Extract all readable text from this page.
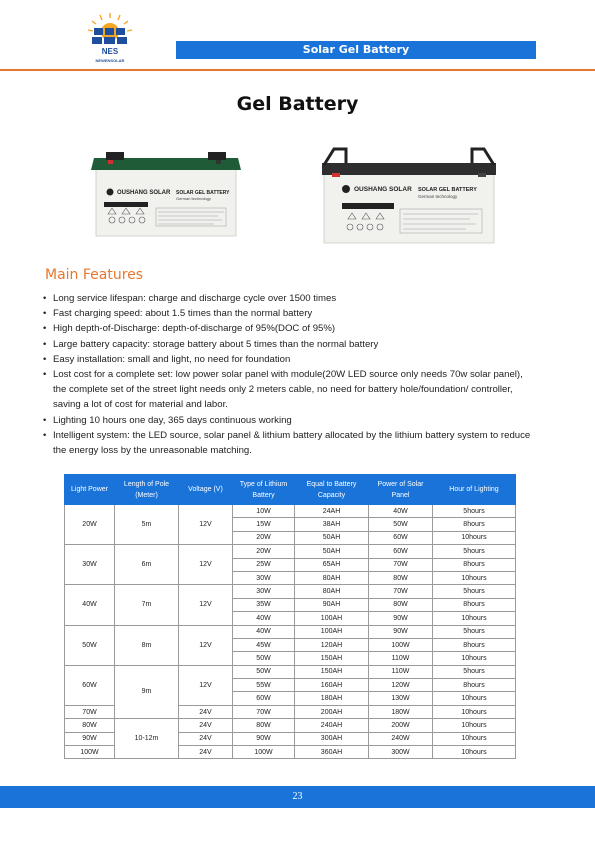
NES
NEWENSOLAR
Solar Gel Battery
Gel Battery
OUSHANG SOLAR SOLAR GEL BATTERY
German technology
OUSHANG SOLAR SOLAR GEL BATTERY
German technology
Main Features
• Long service lifespan: charge and discharge cycle over 1500 times
• Fast charging speed: about 1.5 times than the normal battery
• High depth-of-Discharge: depth-of-discharge of 95%(DOC of 95%)
• Large battery capacity: storage battery about 5 times than the normal battery
• Easy installation: small and light, no need for foundation
• Lost cost for a complete set: low power solar panel with module(20W LED source only needs 70w solar panel), the complete set of the street light needs only 2 meters cable, no need for battery hole/foundation/ controller, saving a lot of cost for material and labor.
• Lighting 10 hours one day, 365 days continuous working
• Intelligent system: the LED source, solar panel & lithium battery allocated by the lithium battery system to reduce the energy loss by the unreasonable matching.
Light Power	Length of Pole (Meter)	Voltage (V)	Type of Lithium Battery	Equal to Battery Capacity	Power of Solar Panel	Hour of Lighting
20W	5m	12V	10W	24AH	40W	5hours
			15W	38AH	50W	8hours
			20W	50AH	60W	10hours
30W	6m	12V	20W	50AH	60W	5hours
			25W	65AH	70W	8hours
			30W	80AH	80W	10hours
40W	7m	12V	30W	80AH	70W	5hours
			35W	90AH	80W	8hours
			40W	100AH	90W	10hours
50W	8m	12V	40W	100AH	90W	5hours
			45W	120AH	100W	8hours
			50W	150AH	110W	10hours
60W	9m	12V	50W	150AH	110W	5hours
			55W	160AH	120W	8hours
			60W	180AH	130W	10hours
70W		24V	70W	200AH	180W	10hours
80W	10-12m	24V	80W	240AH	200W	10hours
90W		24V	90W	300AH	240W	10hours
100W		24V	100W	360AH	300W	10hours
23
